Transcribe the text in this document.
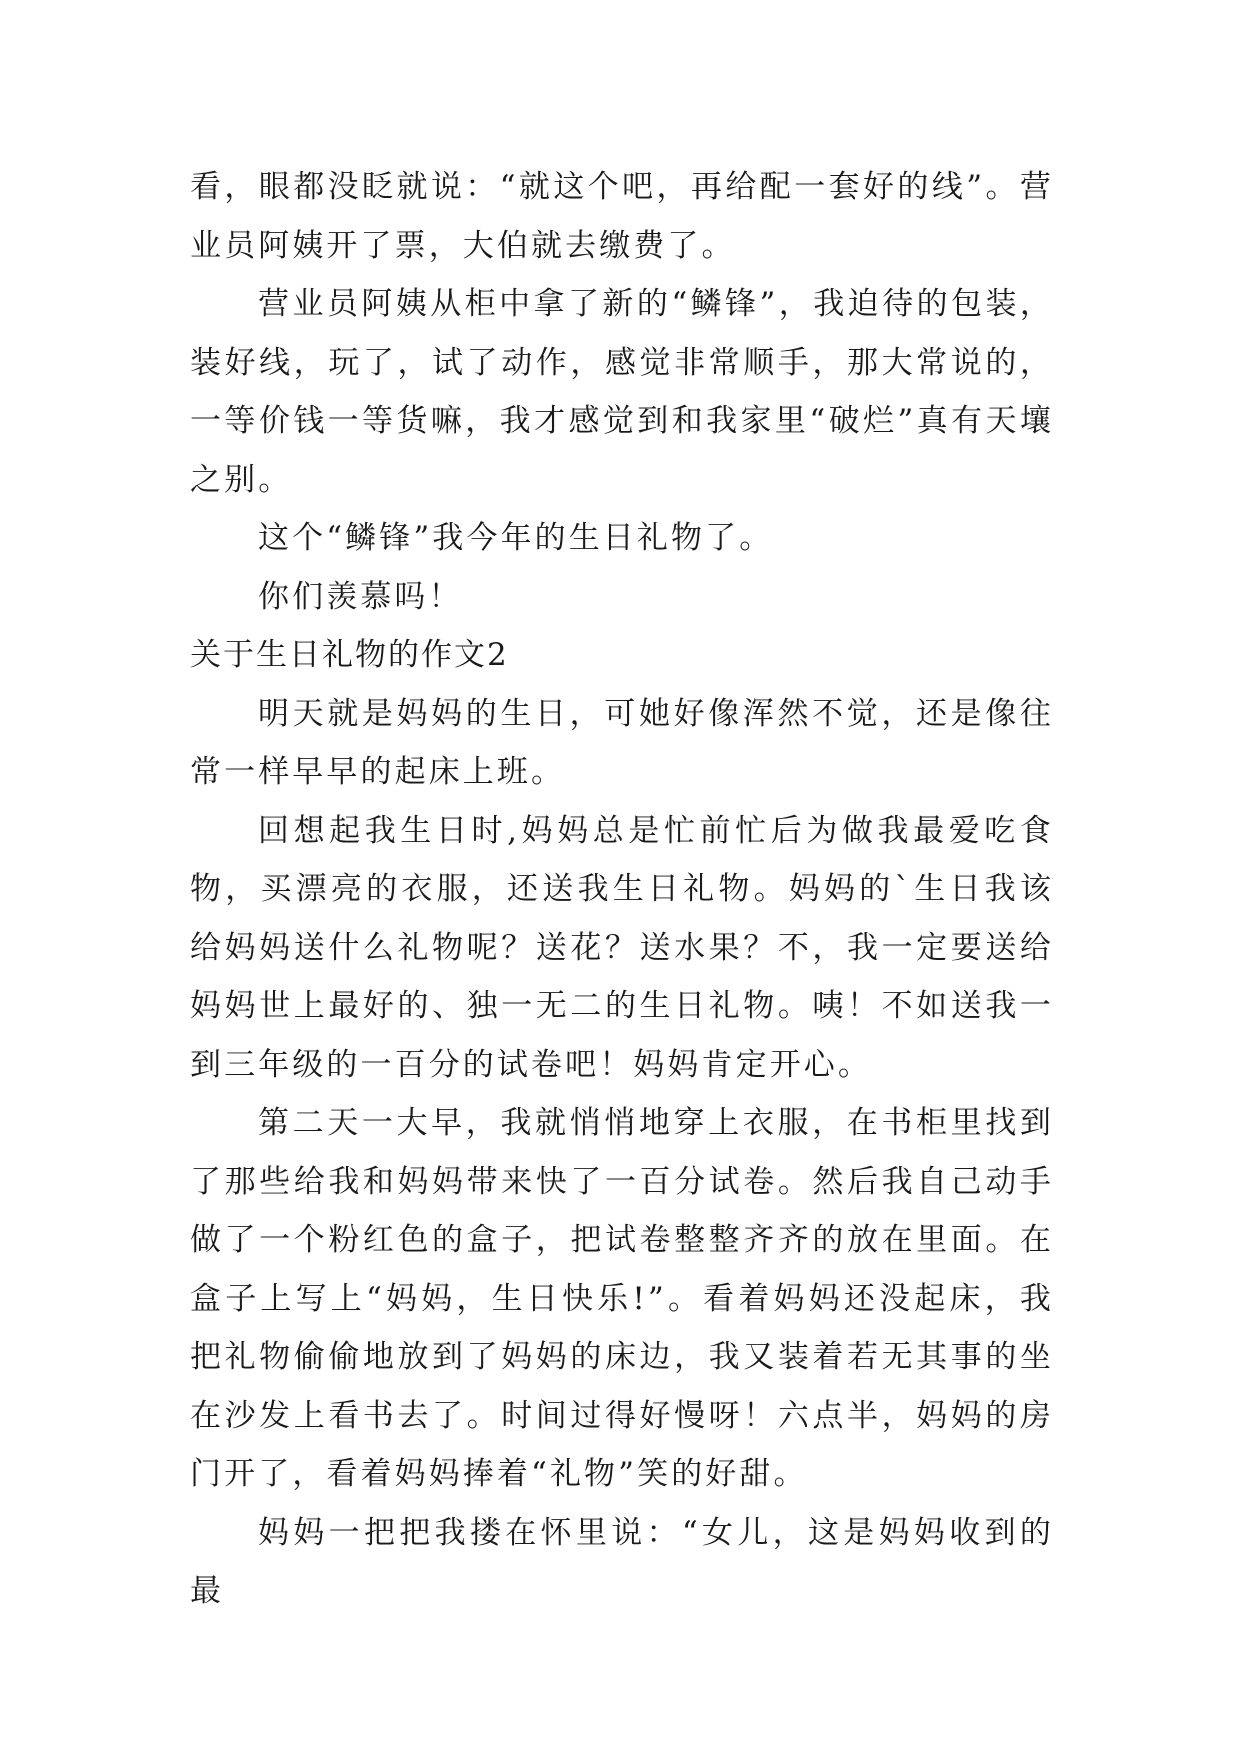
看，眼都没眨就说：“就这个吧，再给配一套好的线”。营业员阿姨开了票，大伯就去缴费了。

营业员阿姨从柜中拿了新的“鳞锋”，我迫待的包装，装好线，玩了，试了动作，感觉非常顺手，那大常说的，一等价钱一等货嘛，我才感觉到和我家里“破烂”真有天壤之别。

这个“鳞锋”我今年的生日礼物了。

你们羡慕吗！

关于生日礼物的作文2

明天就是妈妈的生日，可她好像浑然不觉，还是像往常一样早早的起床上班。

回想起我生日时,妈妈总是忙前忙后为做我最爱吃食物，买漂亮的衣服，还送我生日礼物。妈妈的`生日我该给妈妈送什么礼物呢？送花？送水果？不，我一定要送给妈妈世上最好的、独一无二的生日礼物。咦！不如送我一到三年级的一百分的试卷吧！妈妈肯定开心。

第二天一大早，我就悄悄地穿上衣服，在书柜里找到了那些给我和妈妈带来快了一百分试卷。然后我自己动手做了一个粉红色的盒子，把试卷整整齐齐的放在里面。在盒子上写上“妈妈，生日快乐!”。看着妈妈还没起床，我把礼物偷偷地放到了妈妈的床边，我又装着若无其事的坐在沙发上看书去了。时间过得好慢呀！六点半，妈妈的房门开了，看着妈妈捧着“礼物”笑的好甜。

妈妈一把把我搂在怀里说：“女儿，这是妈妈收到的最
